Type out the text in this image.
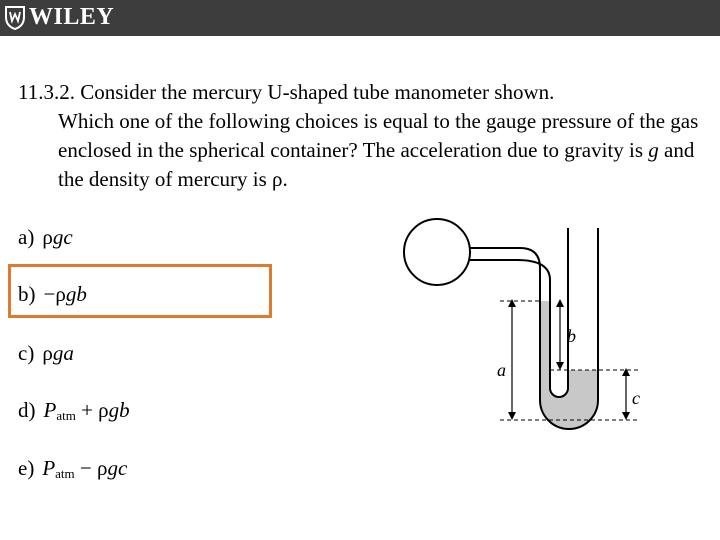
WILEY
11.3.2. Consider the mercury U-shaped tube manometer shown.
Which one of the following choices is equal to the gauge pressure of the gas enclosed in the spherical container? The acceleration due to gravity is g and the density of mercury is ρ.
a) ρgc
b) −ρgb
c) ρga
d) Patm + ρgb
e) Patm − ρgc
a
b
c
